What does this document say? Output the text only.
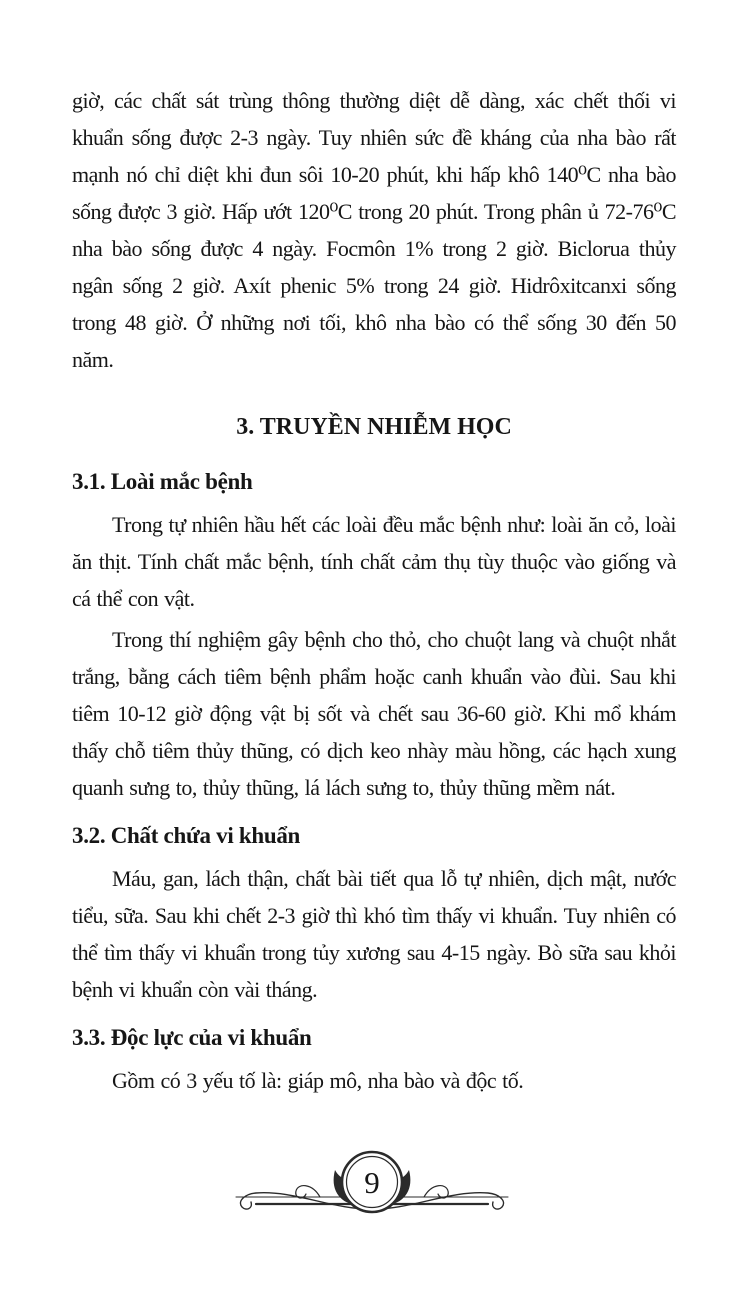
giờ, các chất sát trùng thông thường diệt dễ dàng, xác chết thối vi khuẩn sống được 2-3 ngày. Tuy nhiên sức đề kháng của nha bào rất mạnh nó chỉ diệt khi đun sôi 10-20 phút, khi hấp khô 140⁰C nha bào sống được 3 giờ. Hấp ướt 120⁰C trong 20 phút. Trong phân ủ 72-76⁰C nha bào sống được 4 ngày. Focmôn 1% trong 2 giờ. Biclorua thủy ngân sống 2 giờ. Axít phenic 5% trong 24 giờ. Hidrôxitcanxi sống trong 48 giờ. Ở những nơi tối, khô nha bào có thể sống 30 đến 50 năm.

3. TRUYỀN NHIỄM HỌC
3.1. Loài mắc bệnh

Trong tự nhiên hầu hết các loài đều mắc bệnh như: loài ăn cỏ, loài ăn thịt. Tính chất mắc bệnh, tính chất cảm thụ tùy thuộc vào giống và cá thể con vật.

Trong thí nghiệm gây bệnh cho thỏ, cho chuột lang và chuột nhắt trắng, bằng cách tiêm bệnh phẩm hoặc canh khuẩn vào đùi. Sau khi tiêm 10-12 giờ động vật bị sốt và chết sau 36-60 giờ. Khi mổ khám thấy chỗ tiêm thủy thũng, có dịch keo nhày màu hồng, các hạch xung quanh sưng to, thủy thũng, lá lách sưng to, thủy thũng mềm nát.

3.2. Chất chứa vi khuẩn

Máu, gan, lách thận, chất bài tiết qua lỗ tự nhiên, dịch mật, nước tiểu, sữa. Sau khi chết 2-3 giờ thì khó tìm thấy vi khuẩn. Tuy nhiên có thể tìm thấy vi khuẩn trong tủy xương sau 4-15 ngày. Bò sữa sau khỏi bệnh vi khuẩn còn vài tháng.

3.3. Độc lực của vi khuẩn

Gồm có 3 yếu tố là: giáp mô, nha bào và độc tố.

9
